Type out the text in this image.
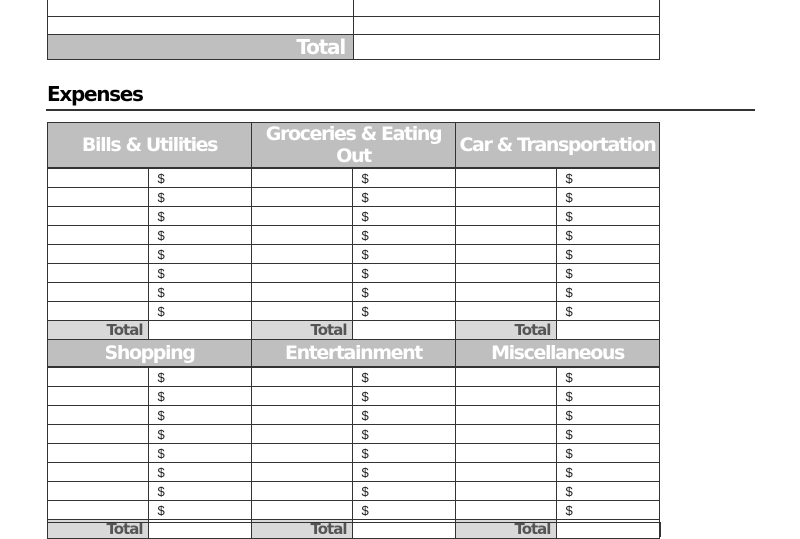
Total	
Expenses
Bills & Utilities		Groceries & Eating Out		Car & Transportation	
	$		$		$
	$		$		$
	$		$		$
	$		$		$
	$		$		$
	$		$		$
	$		$		$
	$		$		$
Total		Total		Total	
Shopping		Entertainment		Miscellaneous	
	$		$		$
	$		$		$
	$		$		$
	$		$		$
	$		$		$
	$		$		$
	$		$		$
	$		$		$
Total		Total		Total	
